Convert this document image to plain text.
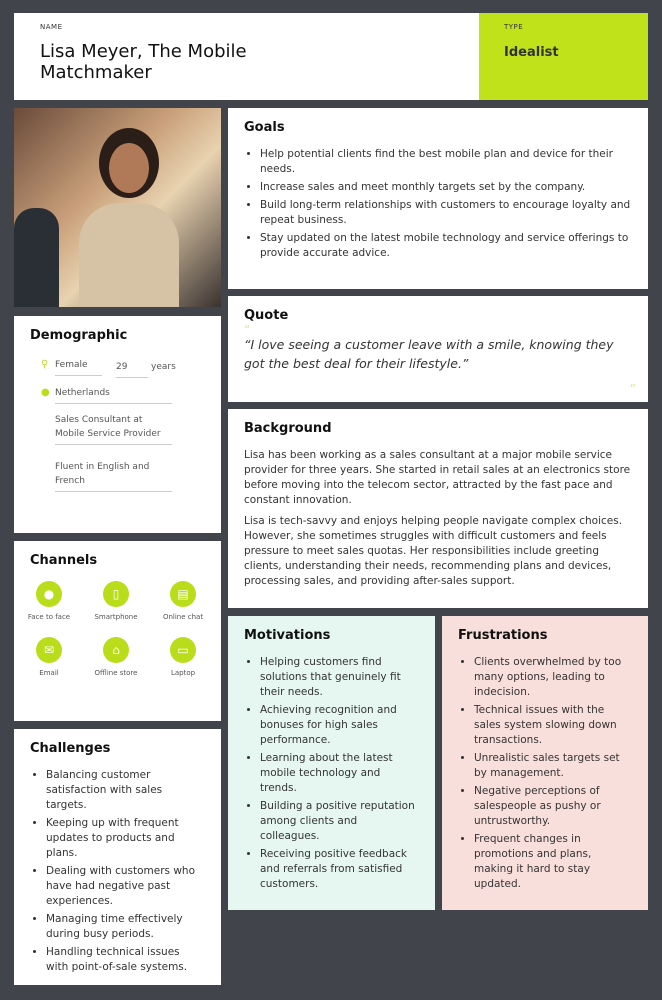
NAME
Lisa Meyer, The Mobile Matchmaker
TYPE
Idealist
Demographic
⚲ Female	29	years
● Netherlands
Sales Consultant at Mobile Service Provider
Fluent in English and French
Channels
●
Face to face
▯
Smartphone
▤
Online chat
✉
Email
⌂
Offline store
▭
Laptop
Challenges
• Balancing customer satisfaction with sales targets.
• Keeping up with frequent updates to products and plans.
• Dealing with customers who have had negative past experiences.
• Managing time effectively during busy periods.
• Handling technical issues with point-of-sale systems.
Goals
• Help potential clients find the best mobile plan and device for their needs.
• Increase sales and meet monthly targets set by the company.
• Build long-term relationships with customers to encourage loyalty and repeat business.
• Stay updated on the latest mobile technology and service offerings to provide accurate advice.
Quote
“
“I love seeing a customer leave with a smile, knowing they got the best deal for their lifestyle.”
”
Background

Lisa has been working as a sales consultant at a major mobile service provider for three years. She started in retail sales at an electronics store before moving into the telecom sector, attracted by the fast pace and constant innovation.

Lisa is tech-savvy and enjoys helping people navigate complex choices. However, she sometimes struggles with difficult customers and feels pressure to meet sales quotas. Her responsibilities include greeting clients, understanding their needs, recommending plans and devices, processing sales, and providing after-sales support.

Motivations
• Helping customers find solutions that genuinely fit their needs.
• Achieving recognition and bonuses for high sales performance.
• Learning about the latest mobile technology and trends.
• Building a positive reputation among clients and colleagues.
• Receiving positive feedback and referrals from satisfied customers.
Frustrations
• Clients overwhelmed by too many options, leading to indecision.
• Technical issues with the sales system slowing down transactions.
• Unrealistic sales targets set by management.
• Negative perceptions of salespeople as pushy or untrustworthy.
• Frequent changes in promotions and plans, making it hard to stay updated.
